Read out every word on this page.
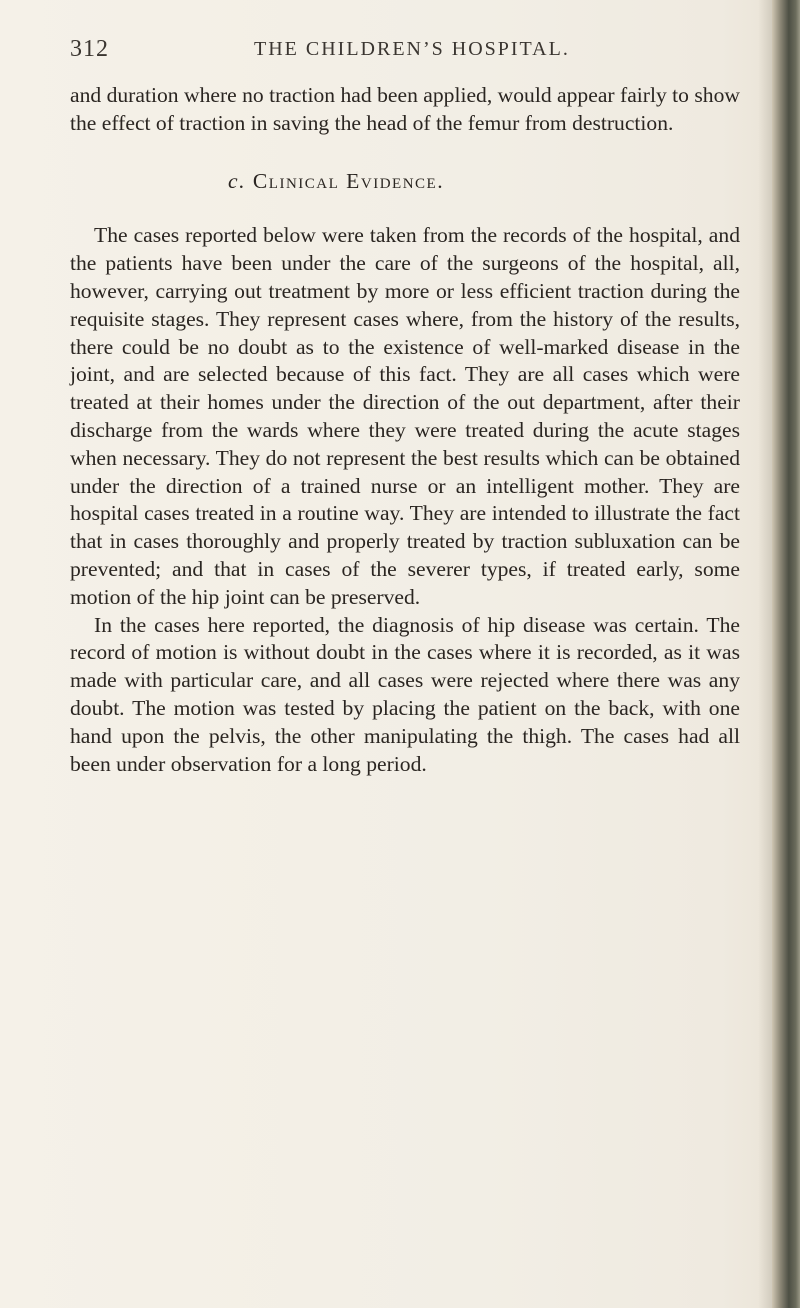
312	THE CHILDREN’S HOSPITAL.

and duration where no traction had been applied, would appear fairly to show the effect of traction in saving the head of the femur from destruction.

c. Clinical Evidence.

The cases reported below were taken from the records of the hospital, and the patients have been under the care of the surgeons of the hospital, all, however, carrying out treatment by more or less efficient traction during the requisite stages. They represent cases where, from the history of the results, there could be no doubt as to the existence of well-marked disease in the joint, and are selected because of this fact. They are all cases which were treated at their homes under the direction of the out department, after their discharge from the wards where they were treated during the acute stages when necessary. They do not represent the best results which can be obtained under the direction of a trained nurse or an intelligent mother. They are hospital cases treated in a routine way. They are intended to illustrate the fact that in cases thoroughly and properly treated by traction subluxation can be prevented; and that in cases of the severer types, if treated early, some motion of the hip joint can be preserved.

In the cases here reported, the diagnosis of hip disease was certain. The record of motion is without doubt in the cases where it is recorded, as it was made with particular care, and all cases were rejected where there was any doubt. The motion was tested by placing the patient on the back, with one hand upon the pelvis, the other manipulating the thigh. The cases had all been under observation for a long period.
